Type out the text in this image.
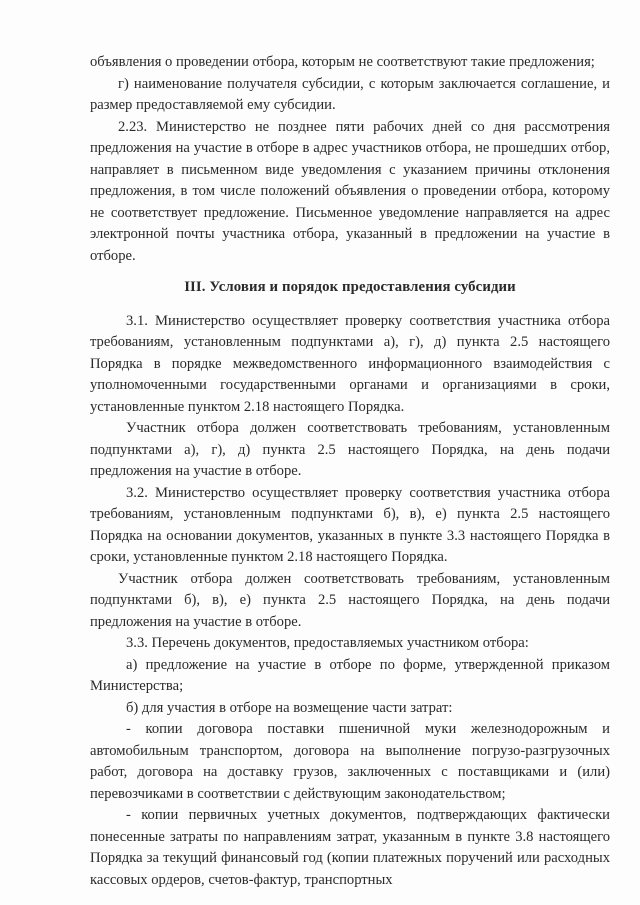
объявления о проведении отбора, которым не соответствуют такие предложения;

г) наименование получателя субсидии, с которым заключается соглашение, и размер предоставляемой ему субсидии.

2.23. Министерство не позднее пяти рабочих дней со дня рассмотрения предложения на участие в отборе в адрес участников отбора, не прошедших отбор, направляет в письменном виде уведомления с указанием причины отклонения предложения, в том числе положений объявления о проведении отбора, которому не соответствует предложение. Письменное уведомление направляется на адрес электронной почты участника отбора, указанный в предложении на участие в отборе.

III. Условия и порядок предоставления субсидии

3.1. Министерство осуществляет проверку соответствия участника отбора требованиям, установленным подпунктами а), г), д) пункта 2.5 настоящего Порядка в порядке межведомственного информационного взаимодействия с уполномоченными государственными органами и организациями в сроки, установленные пунктом 2.18 настоящего Порядка.

Участник отбора должен соответствовать требованиям, установленным подпунктами а), г), д) пункта 2.5 настоящего Порядка, на день подачи предложения на участие в отборе.

3.2. Министерство осуществляет проверку соответствия участника отбора требованиям, установленным подпунктами б), в), е) пункта 2.5 настоящего Порядка на основании документов, указанных в пункте 3.3 настоящего Порядка в сроки, установленные пунктом 2.18 настоящего Порядка.

Участник отбора должен соответствовать требованиям, установленным подпунктами б), в), е) пункта 2.5 настоящего Порядка, на день подачи предложения на участие в отборе.

3.3. Перечень документов, предоставляемых участником отбора:

а) предложение на участие в отборе по форме, утвержденной приказом Министерства;

б) для участия в отборе на возмещение части затрат:

- копии договора поставки пшеничной муки железнодорожным и автомобильным транспортом, договора на выполнение погрузо-разгрузочных работ, договора на доставку грузов, заключенных с поставщиками и (или) перевозчиками в соответствии с действующим законодательством;

- копии первичных учетных документов, подтверждающих фактически понесенные затраты по направлениям затрат, указанным в пункте 3.8 настоящего Порядка за текущий финансовый год (копии платежных поручений или расходных кассовых ордеров, счетов-фактур, транспортных
